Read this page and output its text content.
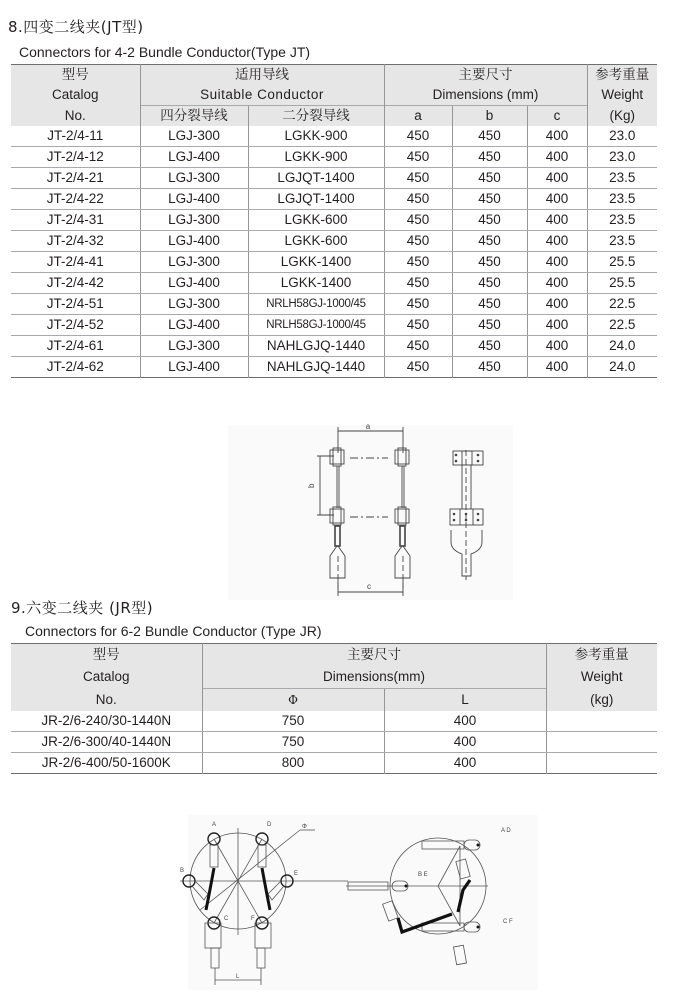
8.四变二线夹(JT型)
Connectors for 4-2 Bundle Conductor(Type JT)
型号	适用导线		主要尺寸			参考重量
Catalog	Suitable Conductor		Dimensions (mm)			Weight
No.	四分裂导线	二分裂导线	a	b	c	(Kg)
JT-2/4-11	LGJ-300	LGKK-900	450	450	400	23.0
JT-2/4-12	LGJ-400	LGKK-900	450	450	400	23.0
JT-2/4-21	LGJ-300	LGJQT-1400	450	450	400	23.5
JT-2/4-22	LGJ-400	LGJQT-1400	450	450	400	23.5
JT-2/4-31	LGJ-300	LGKK-600	450	450	400	23.5
JT-2/4-32	LGJ-400	LGKK-600	450	450	400	23.5
JT-2/4-41	LGJ-300	LGKK-1400	450	450	400	25.5
JT-2/4-42	LGJ-400	LGKK-1400	450	450	400	25.5
JT-2/4-51	LGJ-300	NRLH58GJ-1000/45	450	450	400	22.5
JT-2/4-52	LGJ-400	NRLH58GJ-1000/45	450	450	400	22.5
JT-2/4-61	LGJ-300	NAHLGJQ-1440	450	450	400	24.0
JT-2/4-62	LGJ-400	NAHLGJQ-1440	450	450	400	24.0
a
b
c
9.六变二线夹 (JR型)
Connectors for 6-2 Bundle Conductor (Type JR)
型号	主要尺寸		参考重量
Catalog	Dimensions(mm)		Weight
No.	Φ	L	(kg)
JR-2/6-240/30-1440N	750	400	
JR-2/6-300/40-1440N	750	400	
JR-2/6-400/50-1600K	800	400	
A	D
B	E
C	F
Φ
L
A D
B E
C F
